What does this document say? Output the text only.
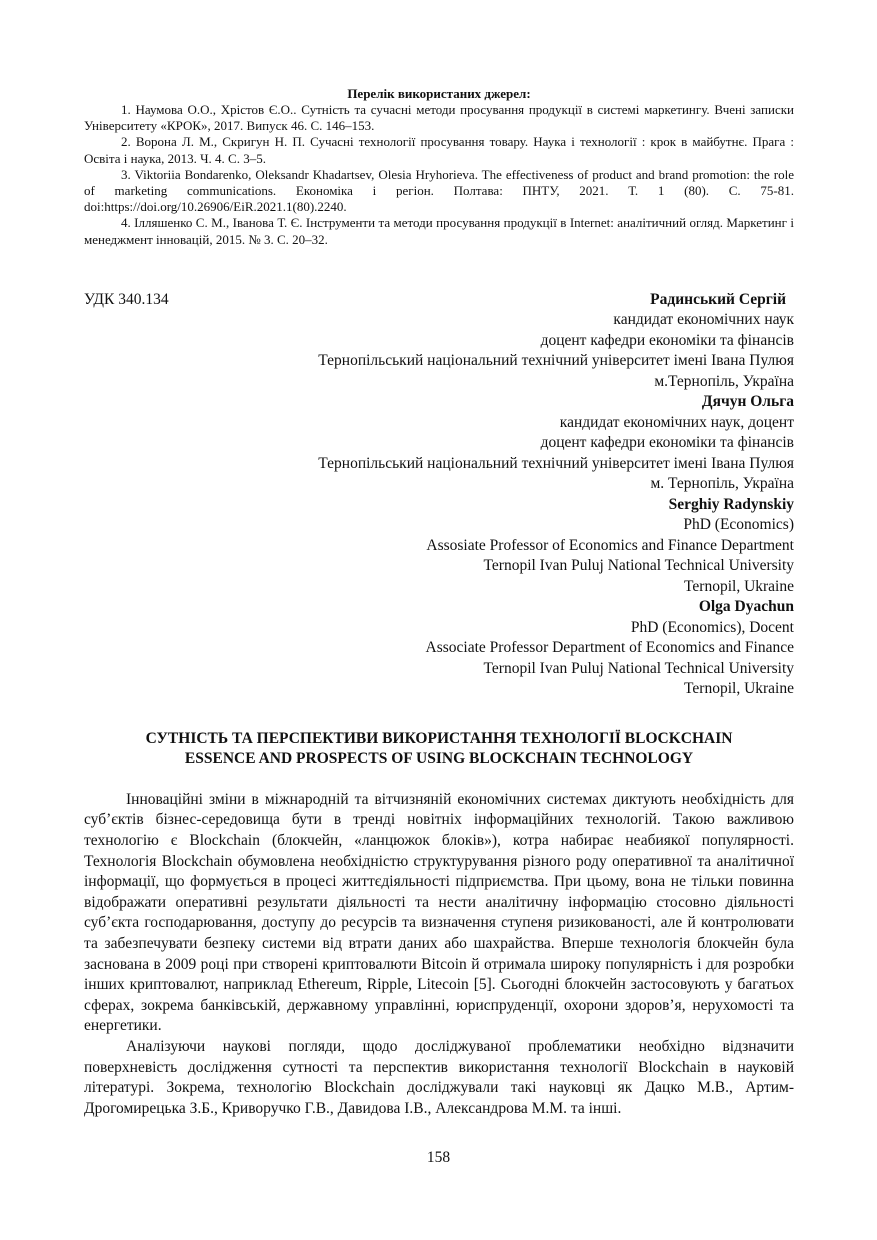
Перелік використаних джерел:

1. Наумова О.О., Хрістов Є.О.. Сутність та сучасні методи просування продукції в системі маркетингу. Вчені записки Університету «КРОК», 2017. Випуск 46. С. 146–153.

2. Ворона Л. М., Скригун Н. П. Сучасні технології просування товару. Наука і технології : крок в майбутнє. Прага : Освіта і наука, 2013. Ч. 4. С. 3–5.

3. Viktoriia Bondarenko, Oleksandr Khadartsev, Olesia Hryhorieva. The effectiveness of product and brand promotion: the role of marketing communications. Економіка і регіон. Полтава: ПНТУ, 2021. Т. 1 (80). С. 75-81. doi:https://doi.org/10.26906/EiR.2021.1(80).2240.

4. Ілляшенко С. М., Іванова Т. Є. Інструменти та методи просування продукції в Internet: аналітичний огляд. Маркетинг і менеджмент інновацій, 2015. № 3. С. 20–32.

УДК 340.134	Радинський Сергій
кандидат економічних наук
доцент кафедри економіки та фінансів
Тернопільський національний технічний університет імені Івана Пулюя
м.Тернопіль, Україна
Дячун Ольга
кандидат економічних наук, доцент
доцент кафедри економіки та фінансів
Тернопільський національний технічний університет імені Івана Пулюя
м. Тернопіль, Україна
Serghiy Radynskiy
PhD (Economics)
Assosiate Professor of Economics and Finance Department
Ternopil Ivan Puluj National Technical University
Ternopil, Ukraine
Olga Dyachun
PhD (Economics), Docent
Associate Professor Department of Economics and Finance
Ternopil Ivan Puluj National Technical University
Ternopil, Ukraine
СУТНІСТЬ ТА ПЕРСПЕКТИВИ ВИКОРИСТАННЯ ТЕХНОЛОГІЇ BLOCKCHAIN
ESSENCE AND PROSPECTS OF USING BLOCKCHAIN TECHNOLOGY

Інноваційні зміни в міжнародній та вітчизняній економічних системах диктують необхідність для суб’єктів бізнес-середовища бути в тренді новітніх інформаційних технологій. Такою важливою технологію є Blockchain (блокчейн, «ланцюжок блоків»), котра набирає неабиякої популярності. Технологія Blockchain обумовлена необхідністю структурування різного роду оперативної та аналітичної інформації, що формується в процесі життєдіяльності підприємства. При цьому, вона не тільки повинна відображати оперативні результати діяльності та нести аналітичну інформацію стосовно діяльності суб’єкта господарювання, доступу до ресурсів та визначення ступеня ризикованості, але й контролювати та забезпечувати безпеку системи від втрати даних або шахрайства. Вперше технологія блокчейн була заснована в 2009 році при створені криптовалюти Bitcoin й отримала широку популярність і для розробки інших криптовалют, наприклад Ethereum, Ripple, Litecoin [5]. Сьогодні блокчейн застосовують у багатьох сферах, зокрема банківській, державному управлінні, юриспруденції, охорони здоров’я, нерухомості та енергетики.

Аналізуючи наукові погляди, щодо досліджуваної проблематики необхідно відзначити поверхневість дослідження сутності та перспектив використання технології Blockchain в науковій літературі. Зокрема, технологію Blockchain досліджували такі науковці як Дацко М.В., Артим-Дрогомирецька З.Б., Криворучко Г.В., Давидова І.В., Александрова М.М. та інші.

158
